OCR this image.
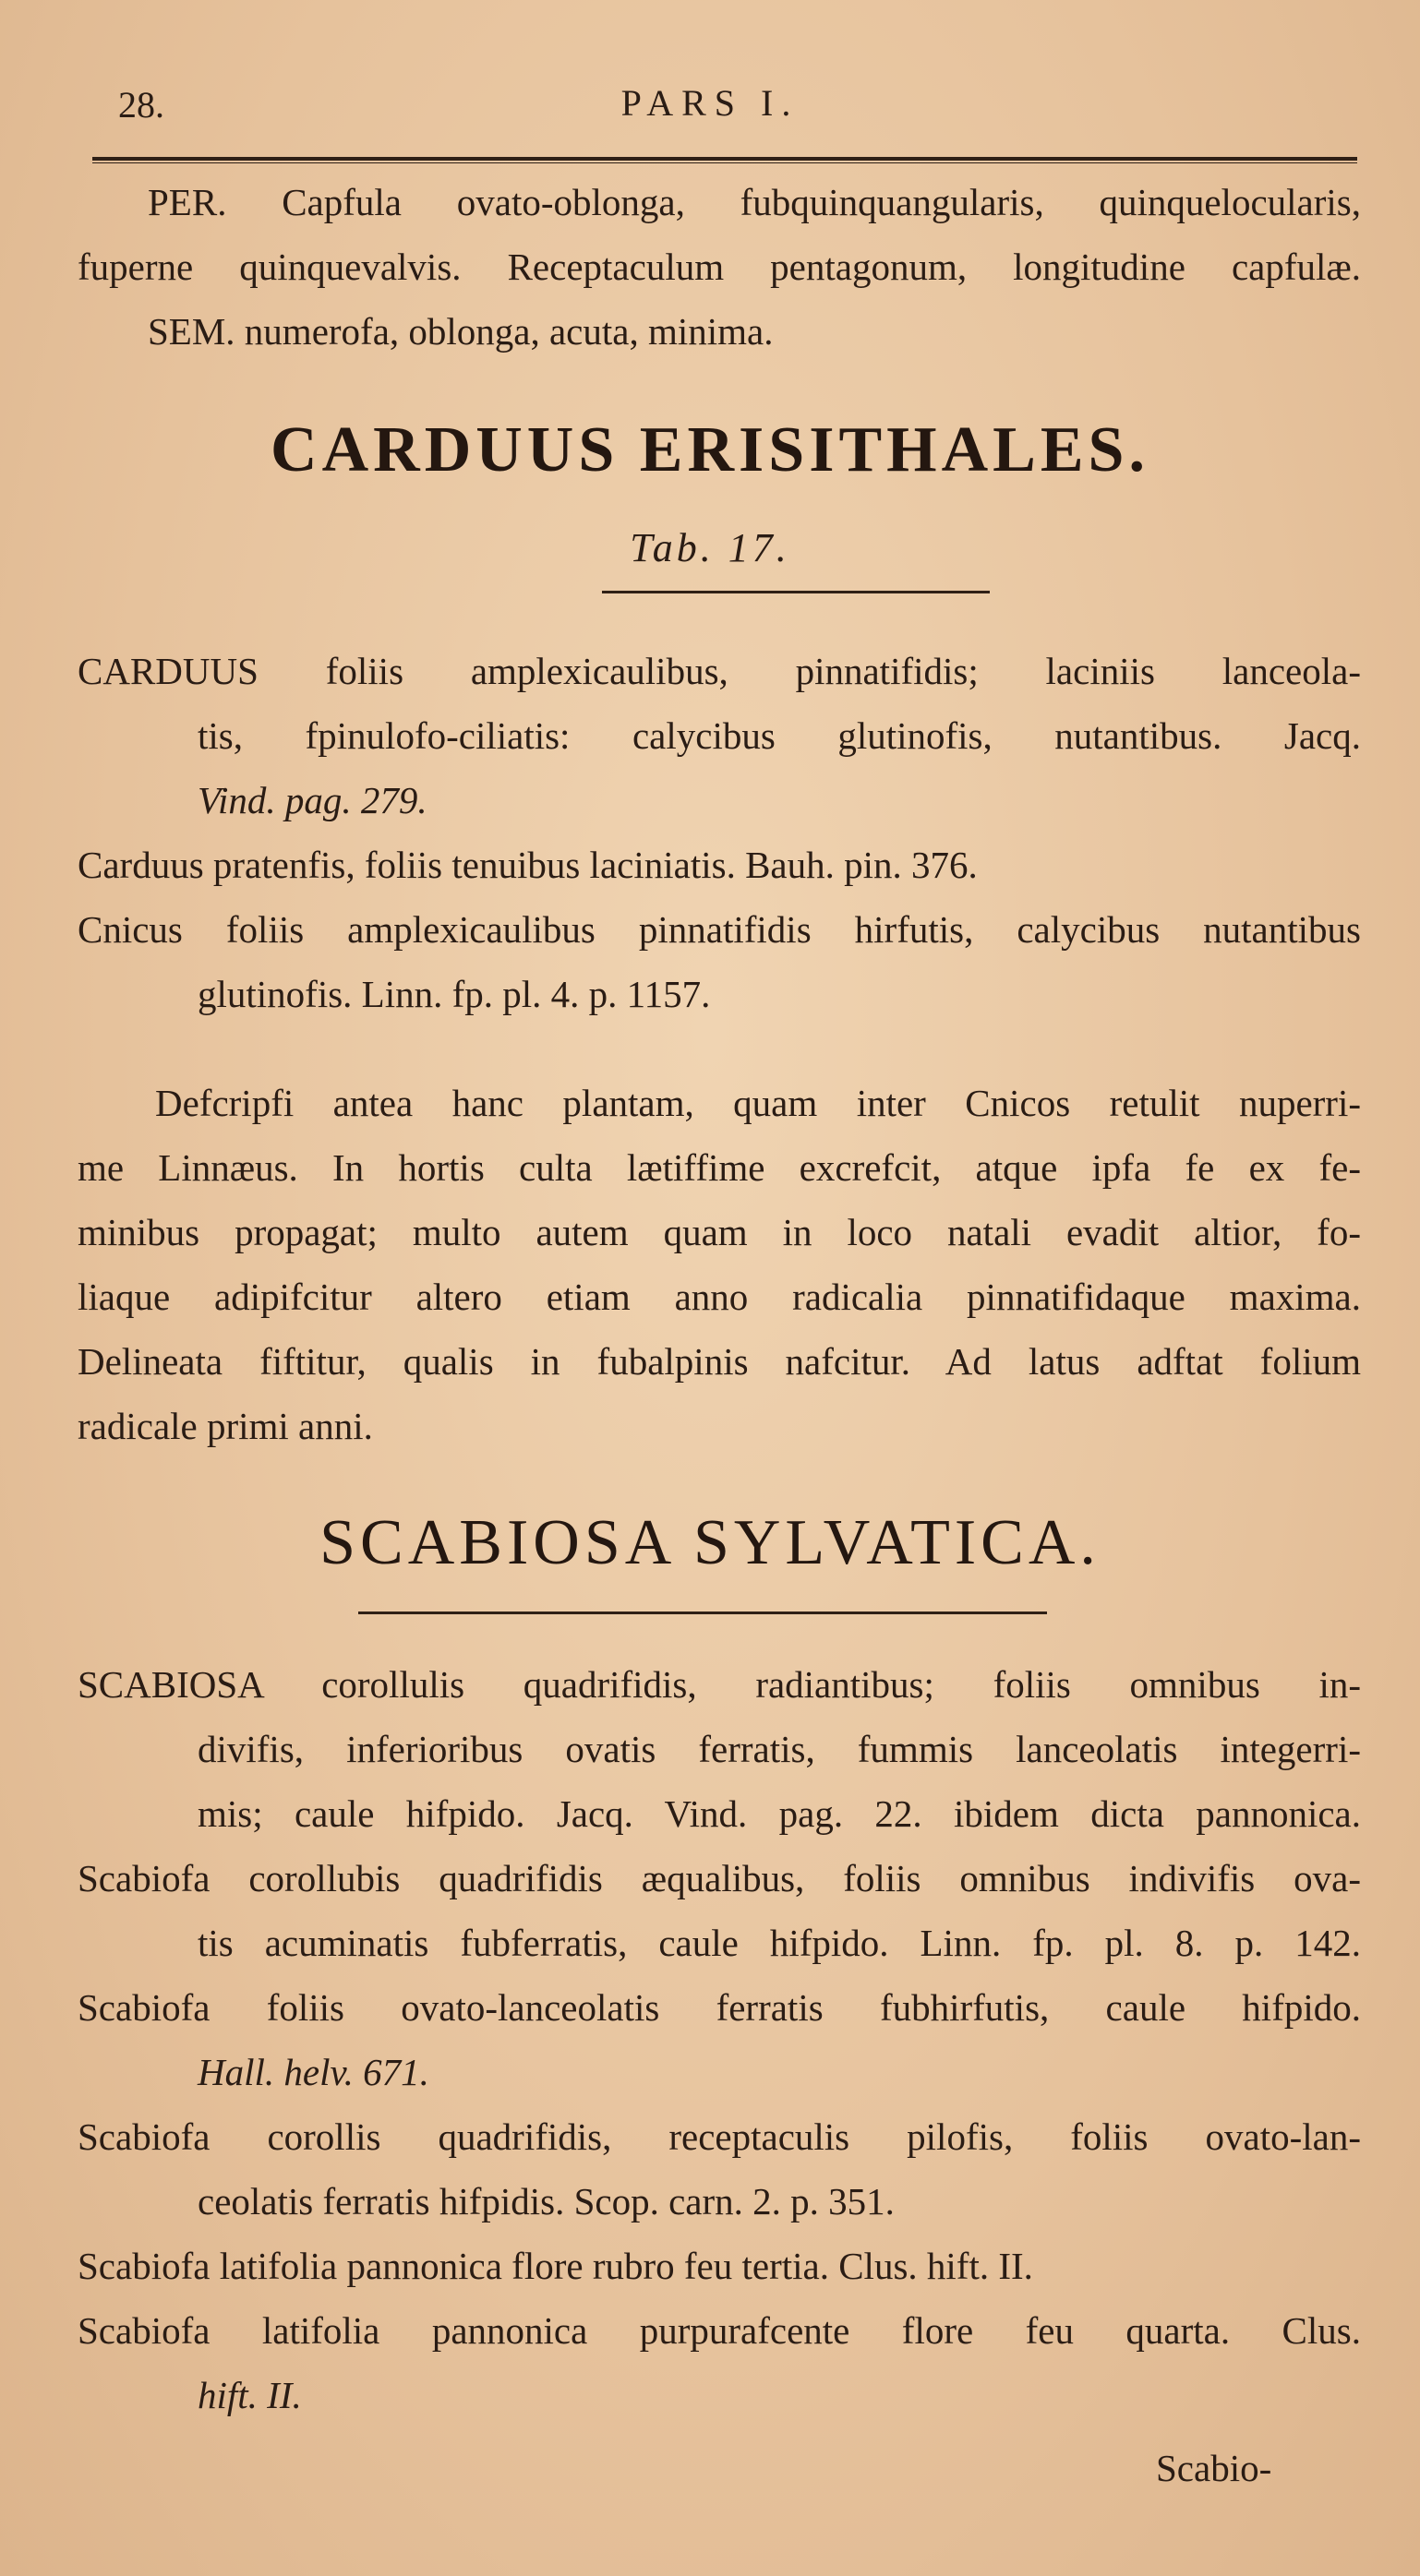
28.	PARS I.
PER. Capfula ovato-oblonga, fubquinquangularis, quinquelocularis,
fuperne quinquevalvis. Receptaculum pentagonum, longitudine capfulæ.
SEM. numerofa, oblonga, acuta, minima.
CARDUUS ERISITHALES.
Tab. 17.
CARDUUS foliis amplexicaulibus, pinnatifidis; laciniis lanceola-
tis, fpinulofo-ciliatis: calycibus glutinofis, nutantibus. Jacq.
Vind. pag. 279.
Carduus pratenfis, foliis tenuibus laciniatis. Bauh. pin. 376.
Cnicus foliis amplexicaulibus pinnatifidis hirfutis, calycibus nutantibus
glutinofis. Linn. fp. pl. 4. p. 1157.
Defcripfi antea hanc plantam, quam inter Cnicos retulit nuperri-
me Linnæus. In hortis culta lætiffime excrefcit, atque ipfa fe ex fe-
minibus propagat; multo autem quam in loco natali evadit altior, fo-
liaque adipifcitur altero etiam anno radicalia pinnatifidaque maxima.
Delineata fiftitur, qualis in fubalpinis nafcitur. Ad latus adftat folium
radicale primi anni.
SCABIOSA SYLVATICA.
SCABIOSA corollulis quadrifidis, radiantibus; foliis omnibus in-
divifis, inferioribus ovatis ferratis, fummis lanceolatis integerri-
mis; caule hifpido. Jacq. Vind. pag. 22. ibidem dicta pannonica.
Scabiofa corollubis quadrifidis æqualibus, foliis omnibus indivifis ova-
tis acuminatis fubferratis, caule hifpido. Linn. fp. pl. 8. p. 142.
Scabiofa foliis ovato-lanceolatis ferratis fubhirfutis, caule hifpido.
Hall. helv. 671.
Scabiofa corollis quadrifidis, receptaculis pilofis, foliis ovato-lan-
ceolatis ferratis hifpidis. Scop. carn. 2. p. 351.
Scabiofa latifolia pannonica flore rubro feu tertia. Clus. hift. II.
Scabiofa latifolia pannonica purpurafcente flore feu quarta. Clus.
hift. II.
Scabio-
